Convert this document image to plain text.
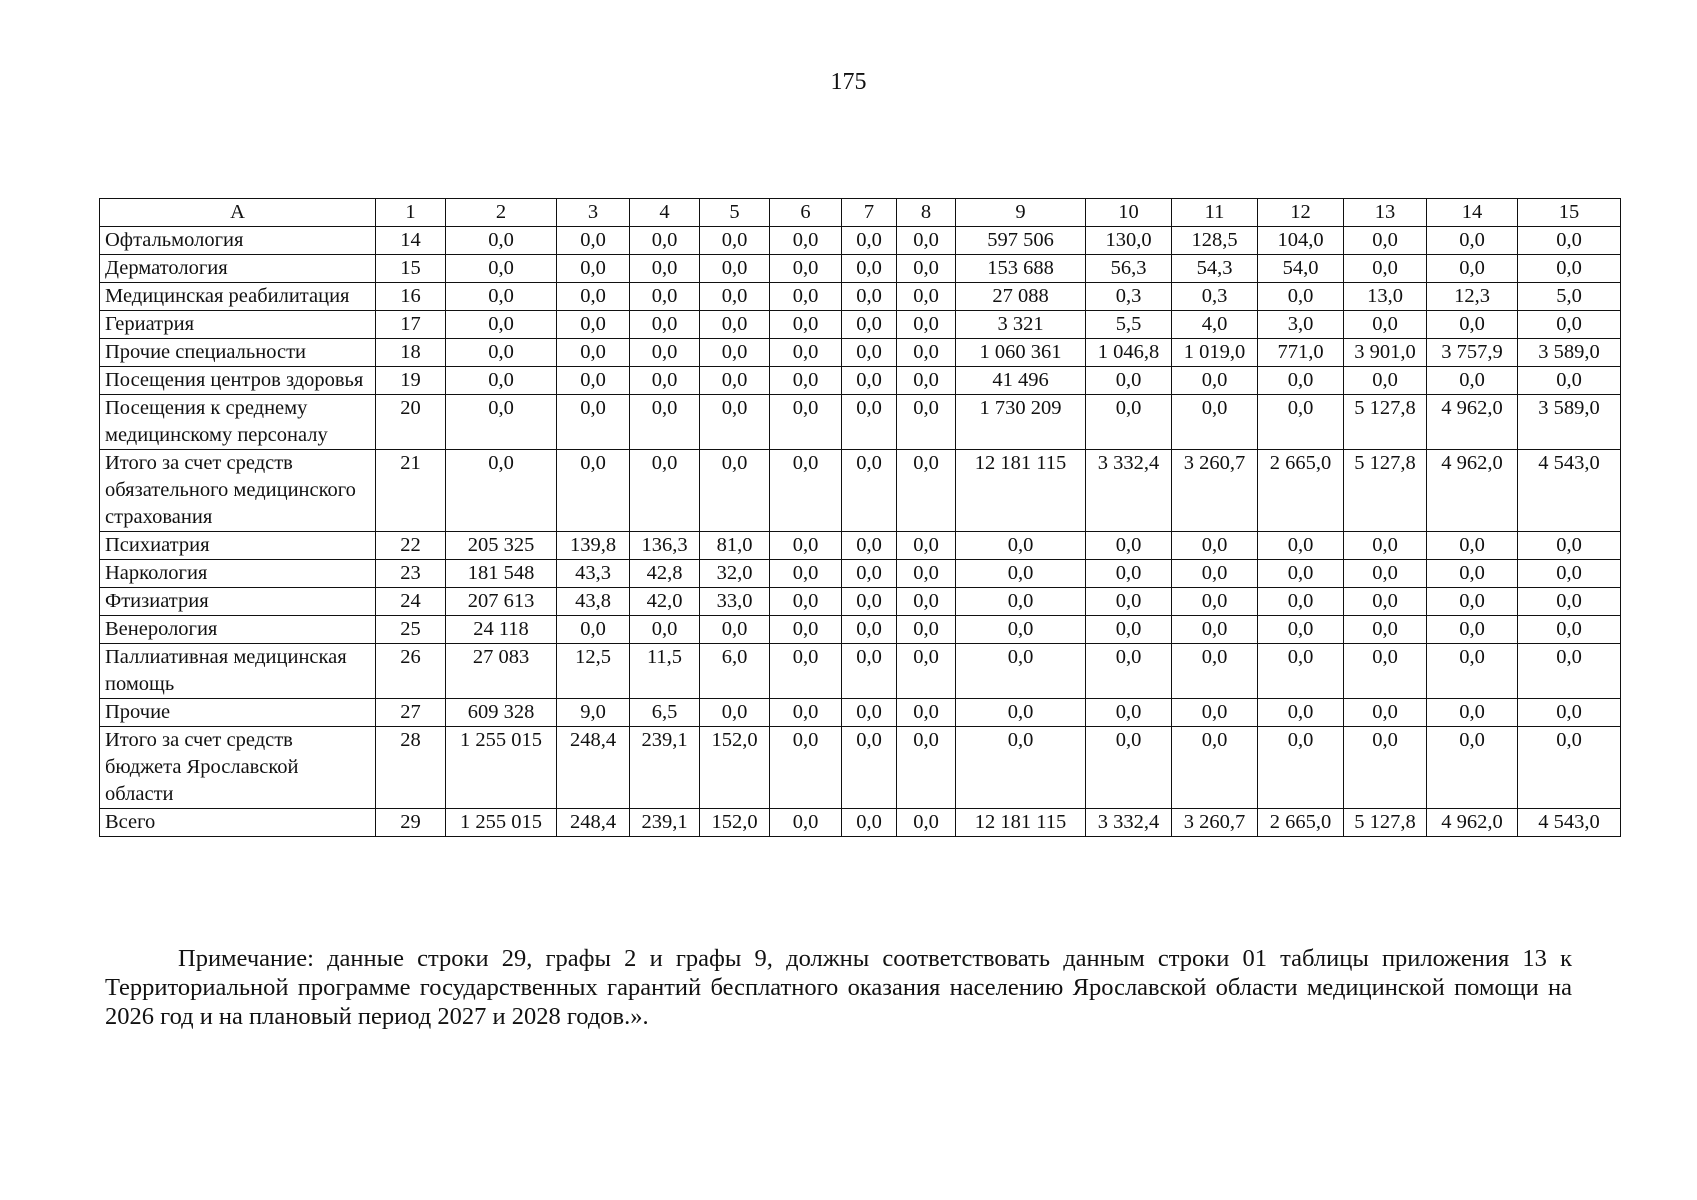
175
А	1	2	3	4	5	6	7	8	9	10	11	12	13	14	15
Офтальмология	14	0,0	0,0	0,0	0,0	0,0	0,0	0,0	597 506	130,0	128,5	104,0	0,0	0,0	0,0
Дерматология	15	0,0	0,0	0,0	0,0	0,0	0,0	0,0	153 688	56,3	54,3	54,0	0,0	0,0	0,0
Медицинская реабилитация	16	0,0	0,0	0,0	0,0	0,0	0,0	0,0	27 088	0,3	0,3	0,0	13,0	12,3	5,0
Гериатрия	17	0,0	0,0	0,0	0,0	0,0	0,0	0,0	3 321	5,5	4,0	3,0	0,0	0,0	0,0
Прочие специальности	18	0,0	0,0	0,0	0,0	0,0	0,0	0,0	1 060 361	1 046,8	1 019,0	771,0	3 901,0	3 757,9	3 589,0
Посещения центров здоровья	19	0,0	0,0	0,0	0,0	0,0	0,0	0,0	41 496	0,0	0,0	0,0	0,0	0,0	0,0
Посещения к среднему медицинскому персоналу	20	0,0	0,0	0,0	0,0	0,0	0,0	0,0	1 730 209	0,0	0,0	0,0	5 127,8	4 962,0	3 589,0
Итого за счет средств обязательного медицинского страхования	21	0,0	0,0	0,0	0,0	0,0	0,0	0,0	12 181 115	3 332,4	3 260,7	2 665,0	5 127,8	4 962,0	4 543,0
Психиатрия	22	205 325	139,8	136,3	81,0	0,0	0,0	0,0	0,0	0,0	0,0	0,0	0,0	0,0	0,0
Наркология	23	181 548	43,3	42,8	32,0	0,0	0,0	0,0	0,0	0,0	0,0	0,0	0,0	0,0	0,0
Фтизиатрия	24	207 613	43,8	42,0	33,0	0,0	0,0	0,0	0,0	0,0	0,0	0,0	0,0	0,0	0,0
Венерология	25	24 118	0,0	0,0	0,0	0,0	0,0	0,0	0,0	0,0	0,0	0,0	0,0	0,0	0,0
Паллиативная медицинская помощь	26	27 083	12,5	11,5	6,0	0,0	0,0	0,0	0,0	0,0	0,0	0,0	0,0	0,0	0,0
Прочие	27	609 328	9,0	6,5	0,0	0,0	0,0	0,0	0,0	0,0	0,0	0,0	0,0	0,0	0,0
Итого за счет средств бюджета Ярославской области	28	1 255 015	248,4	239,1	152,0	0,0	0,0	0,0	0,0	0,0	0,0	0,0	0,0	0,0	0,0
Всего	29	1 255 015	248,4	239,1	152,0	0,0	0,0	0,0	12 181 115	3 332,4	3 260,7	2 665,0	5 127,8	4 962,0	4 543,0
Примечание: данные строки 29, графы 2 и графы 9, должны соответствовать данным строки 01 таблицы приложения 13 к Территориальной программе государственных гарантий бесплатного оказания населению Ярославской области медицинской помощи на 2026 год и на плановый период 2027 и 2028 годов.».
